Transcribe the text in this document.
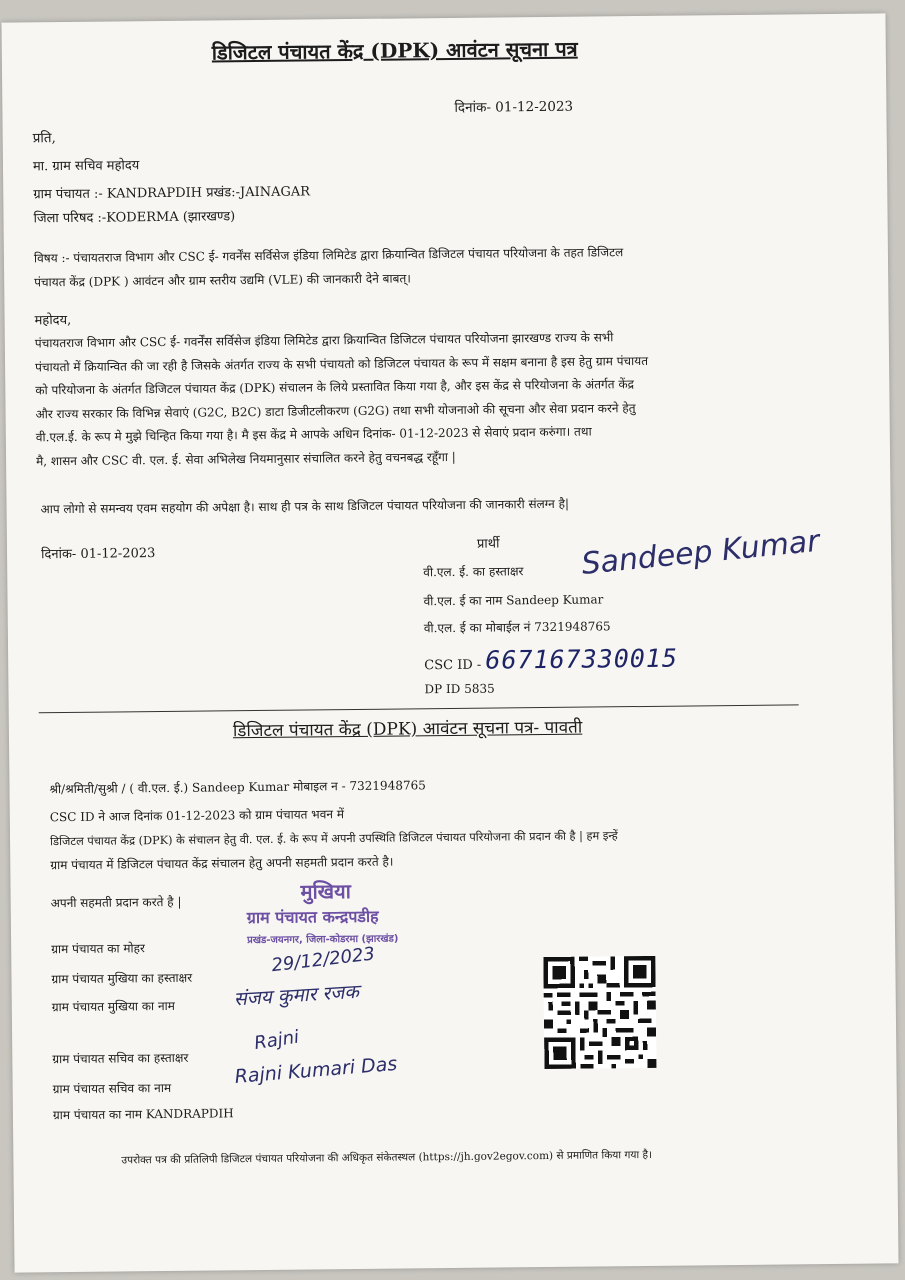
डिजिटल पंचायत केंद्र (DPK) आवंटन सूचना पत्र
दिनांक- 01-12-2023
प्रति,
मा. ग्राम सचिव महोदय
ग्राम पंचायत :- KANDRAPDIH प्रखंड:-JAINAGAR
जिला परिषद :-KODERMA (झारखण्ड)
विषय :- पंचायतराज विभाग और CSC ई- गवर्नेंस सर्विसेज इंडिया लिमिटेड द्वारा क्रियान्वित डिजिटल पंचायत परियोजना के तहत डिजिटल
पंचायत केंद्र (DPK ) आवंटन और ग्राम स्तरीय उद्यमि (VLE) की जानकारी देने बाबत्।
महोदय,
पंचायतराज विभाग और CSC ई- गवर्नेंस सर्विसेज इंडिया लिमिटेड द्वारा क्रियान्वित डिजिटल पंचायत परियोजना झारखण्ड राज्य के सभी
पंचायतो में क्रियान्वित की जा रही है जिसके अंतर्गत राज्य के सभी पंचायतो को डिजिटल पंचायत के रूप में सक्षम बनाना है इस हेतु ग्राम पंचायत
को परियोजना के अंतर्गत डिजिटल पंचायत केंद्र (DPK) संचालन के लिये प्रस्तावित किया गया है, और इस केंद्र से परियोजना के अंतर्गत केंद्र
और राज्य सरकार कि विभिन्न सेवाएं (G2C, B2C) डाटा डिजीटलीकरण (G2G) तथा सभी योजनाओ की सूचना और सेवा प्रदान करने हेतु
वी.एल.ई. के रूप मे मुझे चिन्हित किया गया है। मै इस केंद्र मे आपके अधिन दिनांक- 01-12-2023 से सेवाएं प्रदान करुंगा। तथा
मै, शासन और CSC वी. एल. ई. सेवा अभिलेख नियमानुसार संचालित करने हेतु वचनबद्ध रहूँगा |
आप लोगो से समन्वय एवम सहयोग की अपेक्षा है। साथ ही पत्र के साथ डिजिटल पंचायत परियोजना की जानकारी संलग्न है|
दिनांक- 01-12-2023
प्रार्थी
वी.एल. ई. का हस्ताक्षर Sandeep Kumar
वी.एल. ई का नाम Sandeep Kumar
वी.एल. ई का मोबाईल नं 7321948765
CSC ID - 667167330015
DP ID 5835
डिजिटल पंचायत केंद्र (DPK) आवंटन सूचना पत्र- पावती
श्री/श्रमिती/सुश्री / ( वी.एल. ई.) Sandeep Kumar मोबाइल न - 7321948765
CSC ID ने आज दिनांक 01-12-2023 को ग्राम पंचायत भवन में
डिजिटल पंचायत केंद्र (DPK) के संचालन हेतु वी. एल. ई. के रूप में अपनी उपस्थिति डिजिटल पंचायत परियोजना की प्रदान की है | हम इन्हें
ग्राम पंचायत में डिजिटल पंचायत केंद्र संचालन हेतु अपनी सहमती प्रदान करते है।
अपनी सहमती प्रदान करते है |	मुखिया
ग्राम पंचायत कन्द्रपडीह
प्रखंड-जयनगर, जिला-कोडरमा (झारखंड)
ग्राम पंचायत का मोहर
ग्राम पंचायत मुखिया का हस्ताक्षर
29/12/2023
ग्राम पंचायत मुखिया का नाम	संजय कुमार रजक
ग्राम पंचायत सचिव का हस्ताक्षर
Rajni
ग्राम पंचायत सचिव का नाम
Rajni Kumari Das
ग्राम पंचायत का नाम KANDRAPDIH
उपरोक्त पत्र की प्रतिलिपी डिजिटल पंचायत परियोजना की अधिकृत संकेतस्थल (https://jh.gov2egov.com) से प्रमाणित किया गया है।
